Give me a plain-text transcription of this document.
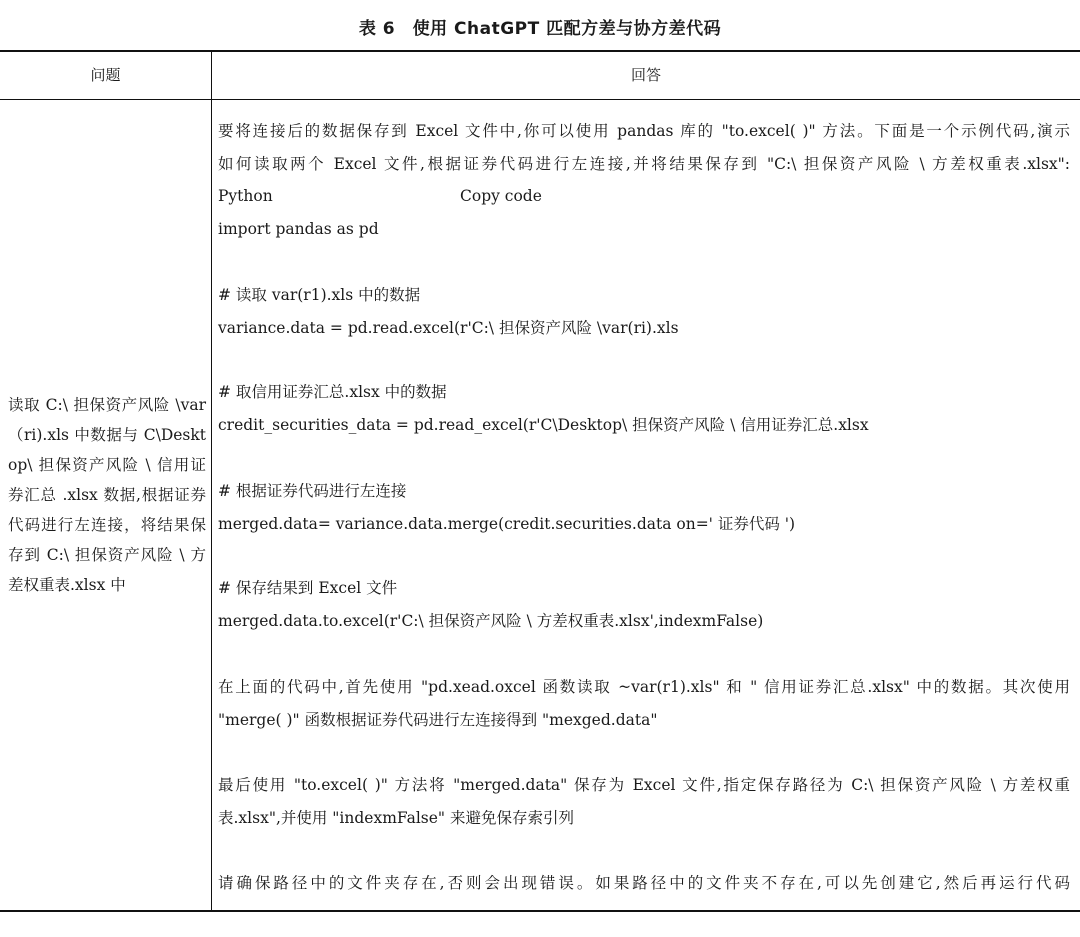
表 6　使用 ChatGPT 匹配方差与协方差代码
问题	回答
读取 C:\ 担保资产风险 \var（ri).xls 中数据与 C\Desktop\ 担保资产风险 \ 信用证券汇总 .xlsx 数据,根据证券代码进行左连接，将结果保存到 C:\ 担保资产风险 \ 方差权重表.xlsx 中
要将连接后的数据保存到 Excel 文件中,你可以使用 pandas 库的 "to.excel( )" 方法。下面是一个示例代码,演示
如何读取两个 Excel 文件,根据证券代码进行左连接,并将结果保存到 "C:\ 担保资产风险 \ 方差权重表.xlsx":
Python	Copy code
import pandas as pd
# 读取 var(r1).xls 中的数据
variance.data = pd.read.excel(r'C:\ 担保资产风险 \var(ri).xls
# 取信用证券汇总.xlsx 中的数据
credit_securities_data = pd.read_excel(r'C\Desktop\ 担保资产风险 \ 信用证券汇总.xlsx
# 根据证券代码进行左连接
merged.data= variance.data.merge(credit.securities.data on=' 证券代码 ')
# 保存结果到 Excel 文件
merged.data.to.excel(r'C:\ 担保资产风险 \ 方差权重表.xlsx',indexmFalse)
在上面的代码中,首先使用 "pd.xead.oxcel 函数读取 ~var(r1).xls" 和 " 信用证券汇总.xlsx" 中的数据。其次使用
"merge( )" 函数根据证券代码进行左连接得到 "mexged.data"
最后使用 "to.excel( )" 方法将 "merged.data" 保存为 Excel 文件,指定保存路径为 C:\ 担保资产风险 \ 方差权重
表.xlsx",并使用 "indexmFalse" 来避免保存索引列
请确保路径中的文件夹存在,否则会出现错误。如果路径中的文件夹不存在,可以先创建它,然后再运行代码
